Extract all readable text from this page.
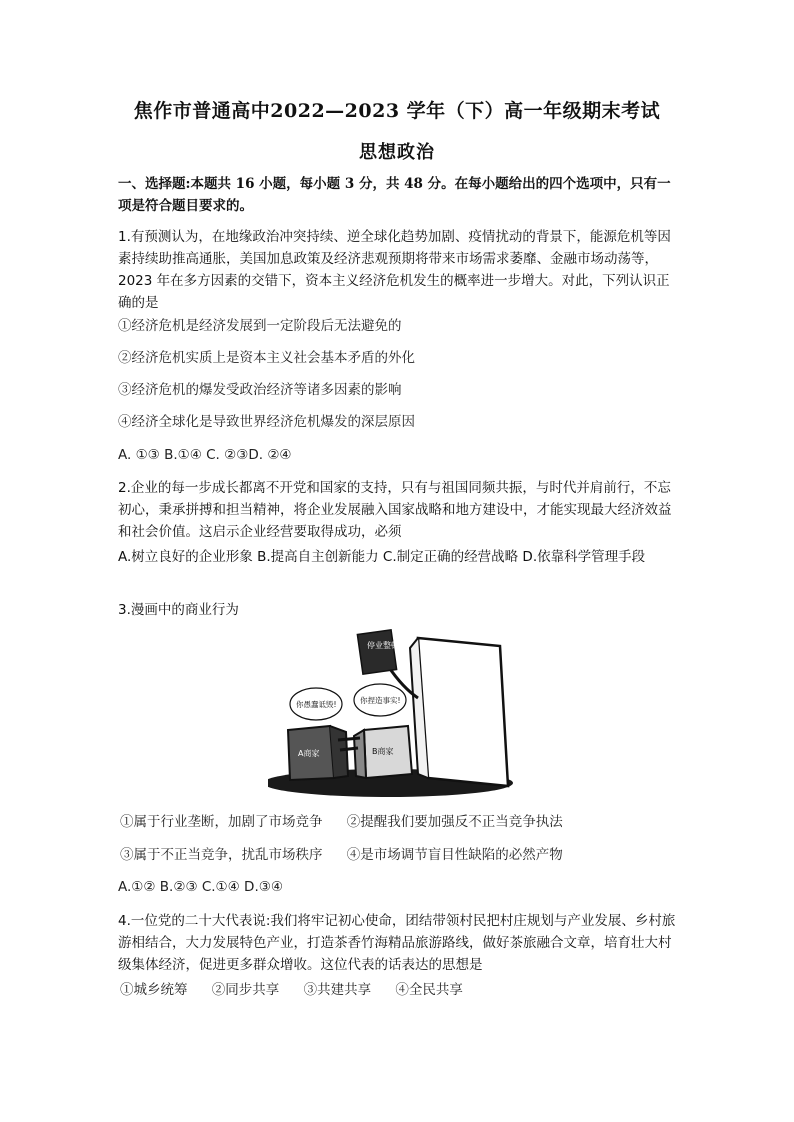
焦作市普通高中2022—2023 学年（下）高一年级期末考试
思想政治
一、选择题:本题共 16 小题，每小题 3 分，共 48 分。在每小题给出的四个选项中，只有一项是符合题目要求的。
1.有预测认为，在地缘政治冲突持续、逆全球化趋势加剧、疫情扰动的背景下，能源危机等因素持续助推高通胀，美国加息政策及经济悲观预期将带来市场需求萎靡、金融市场动荡等，2023 年在多方因素的交错下，资本主义经济危机发生的概率进一步增大。对此，下列认识正确的是
①经济危机是经济发展到一定阶段后无法避免的
②经济危机实质上是资本主义社会基本矛盾的外化
③经济危机的爆发受政治经济等诸多因素的影响
④经济全球化是导致世界经济危机爆发的深层原因
A. ①③ B.①④ C. ②③D. ②④
2.企业的每一步成长都离不开党和国家的支持，只有与祖国同频共振，与时代并肩前行，不忘 初心，秉承拼搏和担当精神，将企业发展融入国家战略和地方建设中，才能实现最大经济效益和社会价值。这启示企业经营要取得成功，必须
A.树立良好的企业形象 B.提高自主创新能力 C.制定正确的经营战略 D.依靠科学管理手段
3.漫画中的商业行为
停业整顿
你愚蠢诋毁!	你捏造事实!
A商家	B商家
①属于行业垄断，加剧了市场竞争 ②提醒我们要加强反不正当竞争执法
③属于不正当竞争，扰乱市场秩序 ④是市场调节盲目性缺陷的必然产物
A.①② B.②③ C.①④ D.③④
4.一位党的二十大代表说:我们将牢记初心使命，团结带领村民把村庄规划与产业发展、乡村旅游相结合，大力发展特色产业，打造茶香竹海精品旅游路线，做好茶旅融合文章，培育壮大村级集体经济，促进更多群众增收。这位代表的话表达的思想是
①城乡统筹 ②同步共享 ③共建共享 ④全民共享
